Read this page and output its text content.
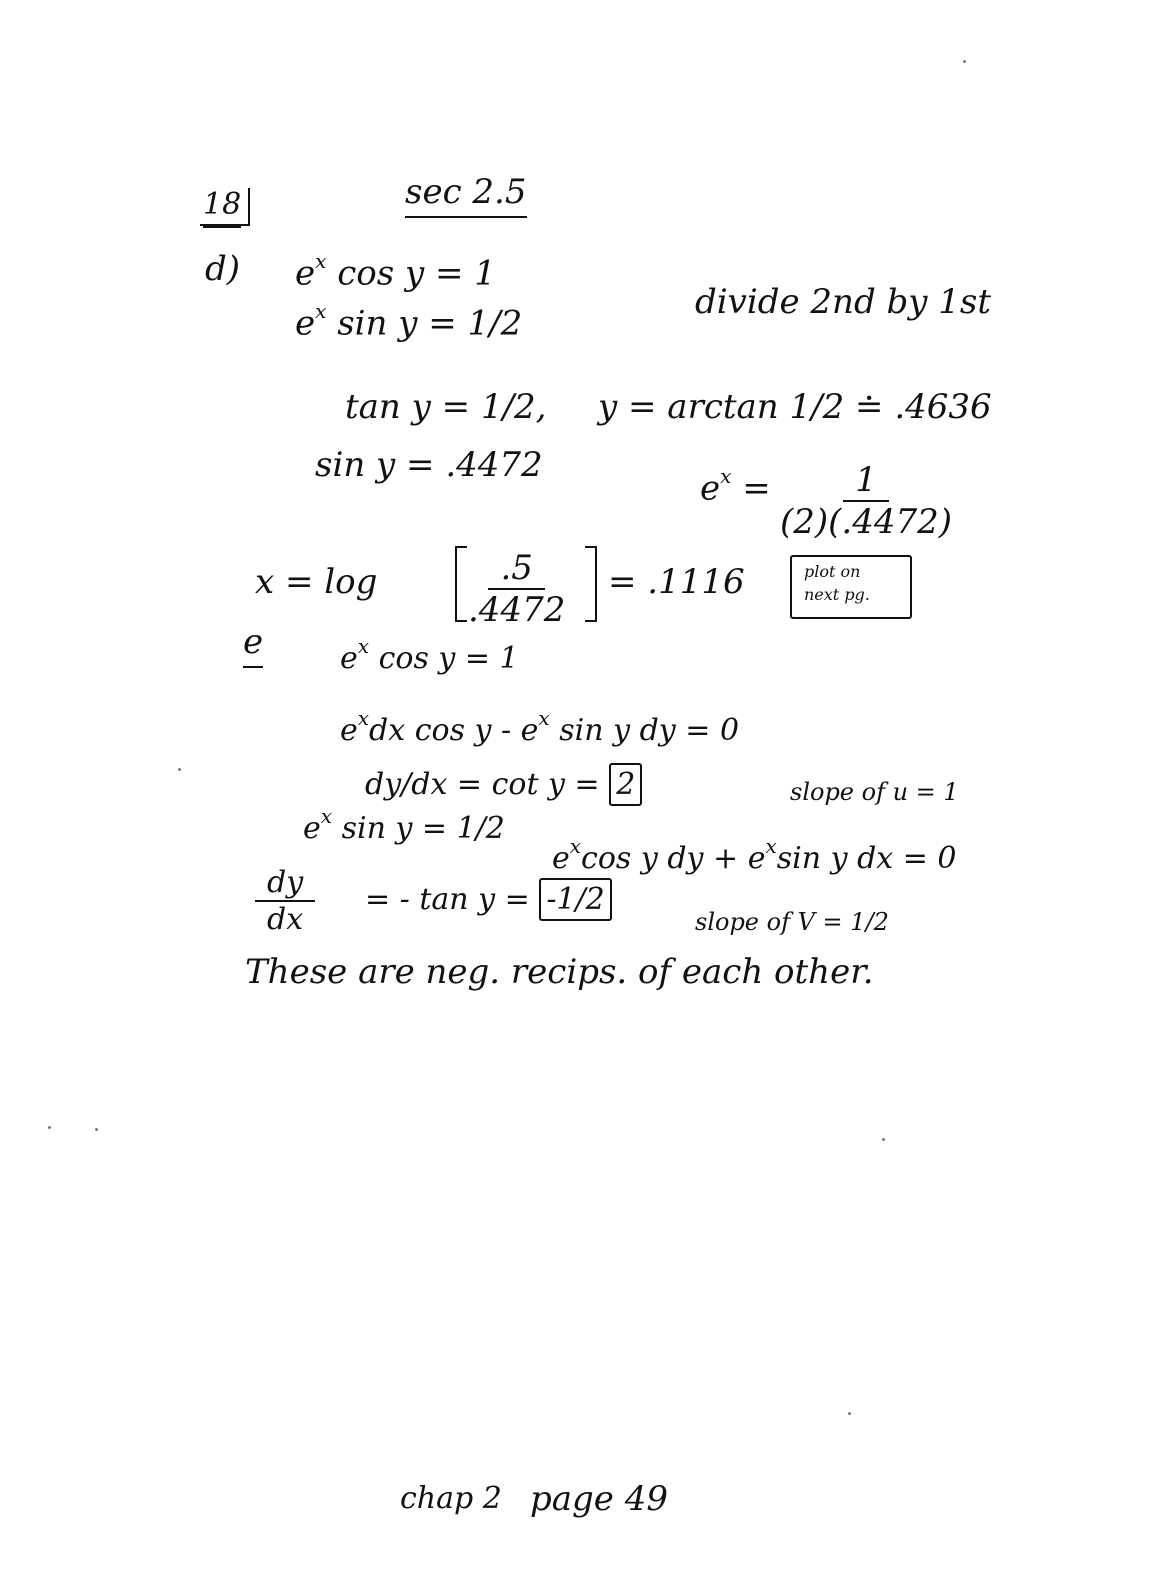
18	sec 2.5
d) $e^x$ cos y = 1
$e^x$ sin y = 1/2
divide 2nd by 1st
tan y = 1/2, y = arctan 1/2 ≐ .4636
sin y = .4472
$e^x = \frac{1}{(2)(.4472)}$
x = log	$\frac{.5}{.4472} = .1116$	plot on
next pg.
e	$e^x$ cos y = 1
$e^xdx$ cos y - $e^x$ sin y dy = 0
dy/dx = cot y = 2	slope of u = 1
$e^x$ sin y = 1/2
$e^x\cos$ y dy + $e^x\sin$ y dx = 0
$\frac{dy}{dx}$ = - tan y = -1/2
slope of V = 1/2
These are neg. recips. of each other.
chap 2 page 49
